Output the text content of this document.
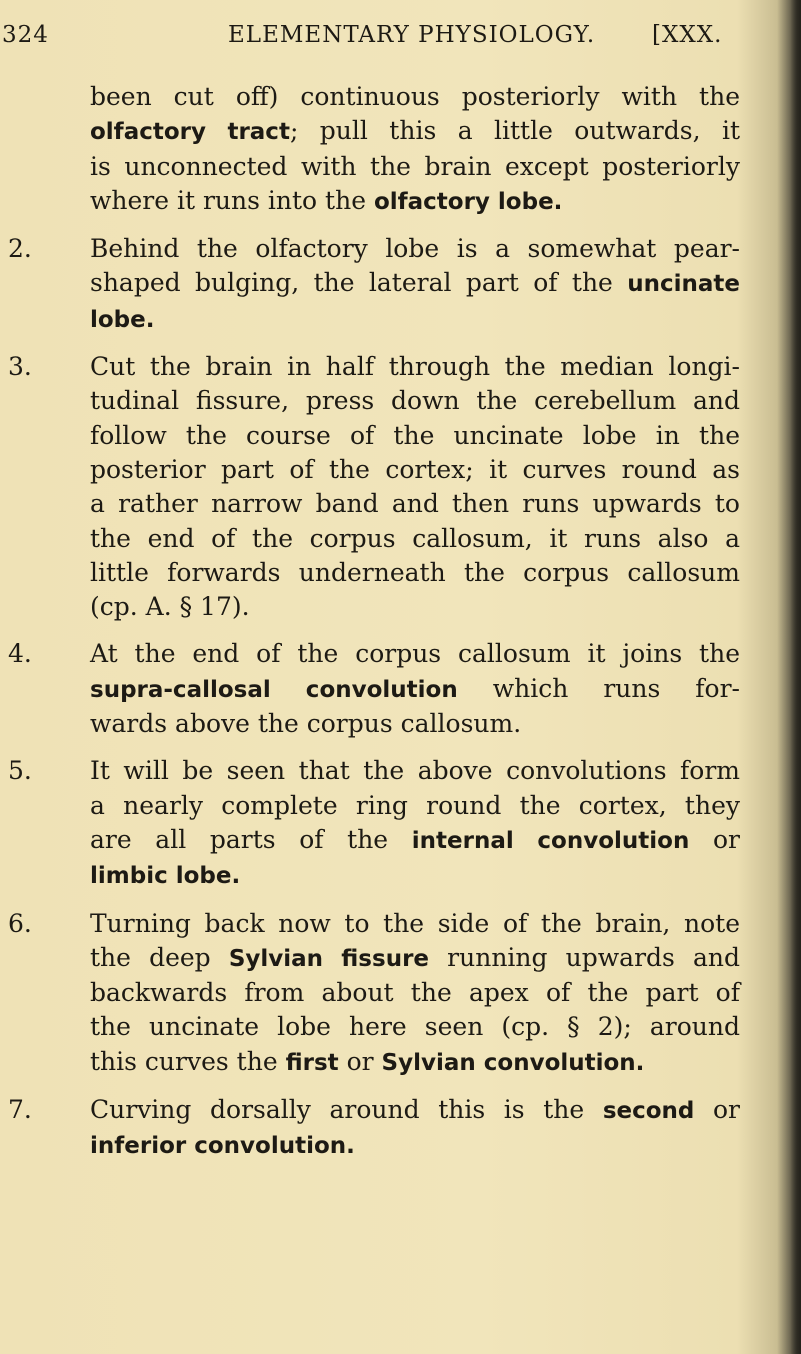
324	ELEMENTARY PHYSIOLOGY. [XXX.
been cut off) continuous posteriorly with the
olfactory tract; pull this a little outwards, it
is unconnected with the brain except posteriorly
where it runs into the olfactory lobe.
2. Behind the olfactory lobe is a somewhat pear-
shaped bulging, the lateral part of the uncinate
lobe.
3. Cut the brain in half through the median longi-
tudinal fissure, press down the cerebellum and
follow the course of the uncinate lobe in the
posterior part of the cortex; it curves round as
a rather narrow band and then runs upwards to
the end of the corpus callosum, it runs also a
little forwards underneath the corpus callosum
(cp. A. § 17).
4. At the end of the corpus callosum it joins the
supra-callosal convolution which runs for-
wards above the corpus callosum.
5. It will be seen that the above convolutions form
a nearly complete ring round the cortex, they
are all parts of the internal convolution or
limbic lobe.
6. Turning back now to the side of the brain, note
the deep Sylvian fissure running upwards and
backwards from about the apex of the part of
the uncinate lobe here seen (cp. § 2); around
this curves the first or Sylvian convolution.
7. Curving dorsally around this is the second or
inferior convolution.
